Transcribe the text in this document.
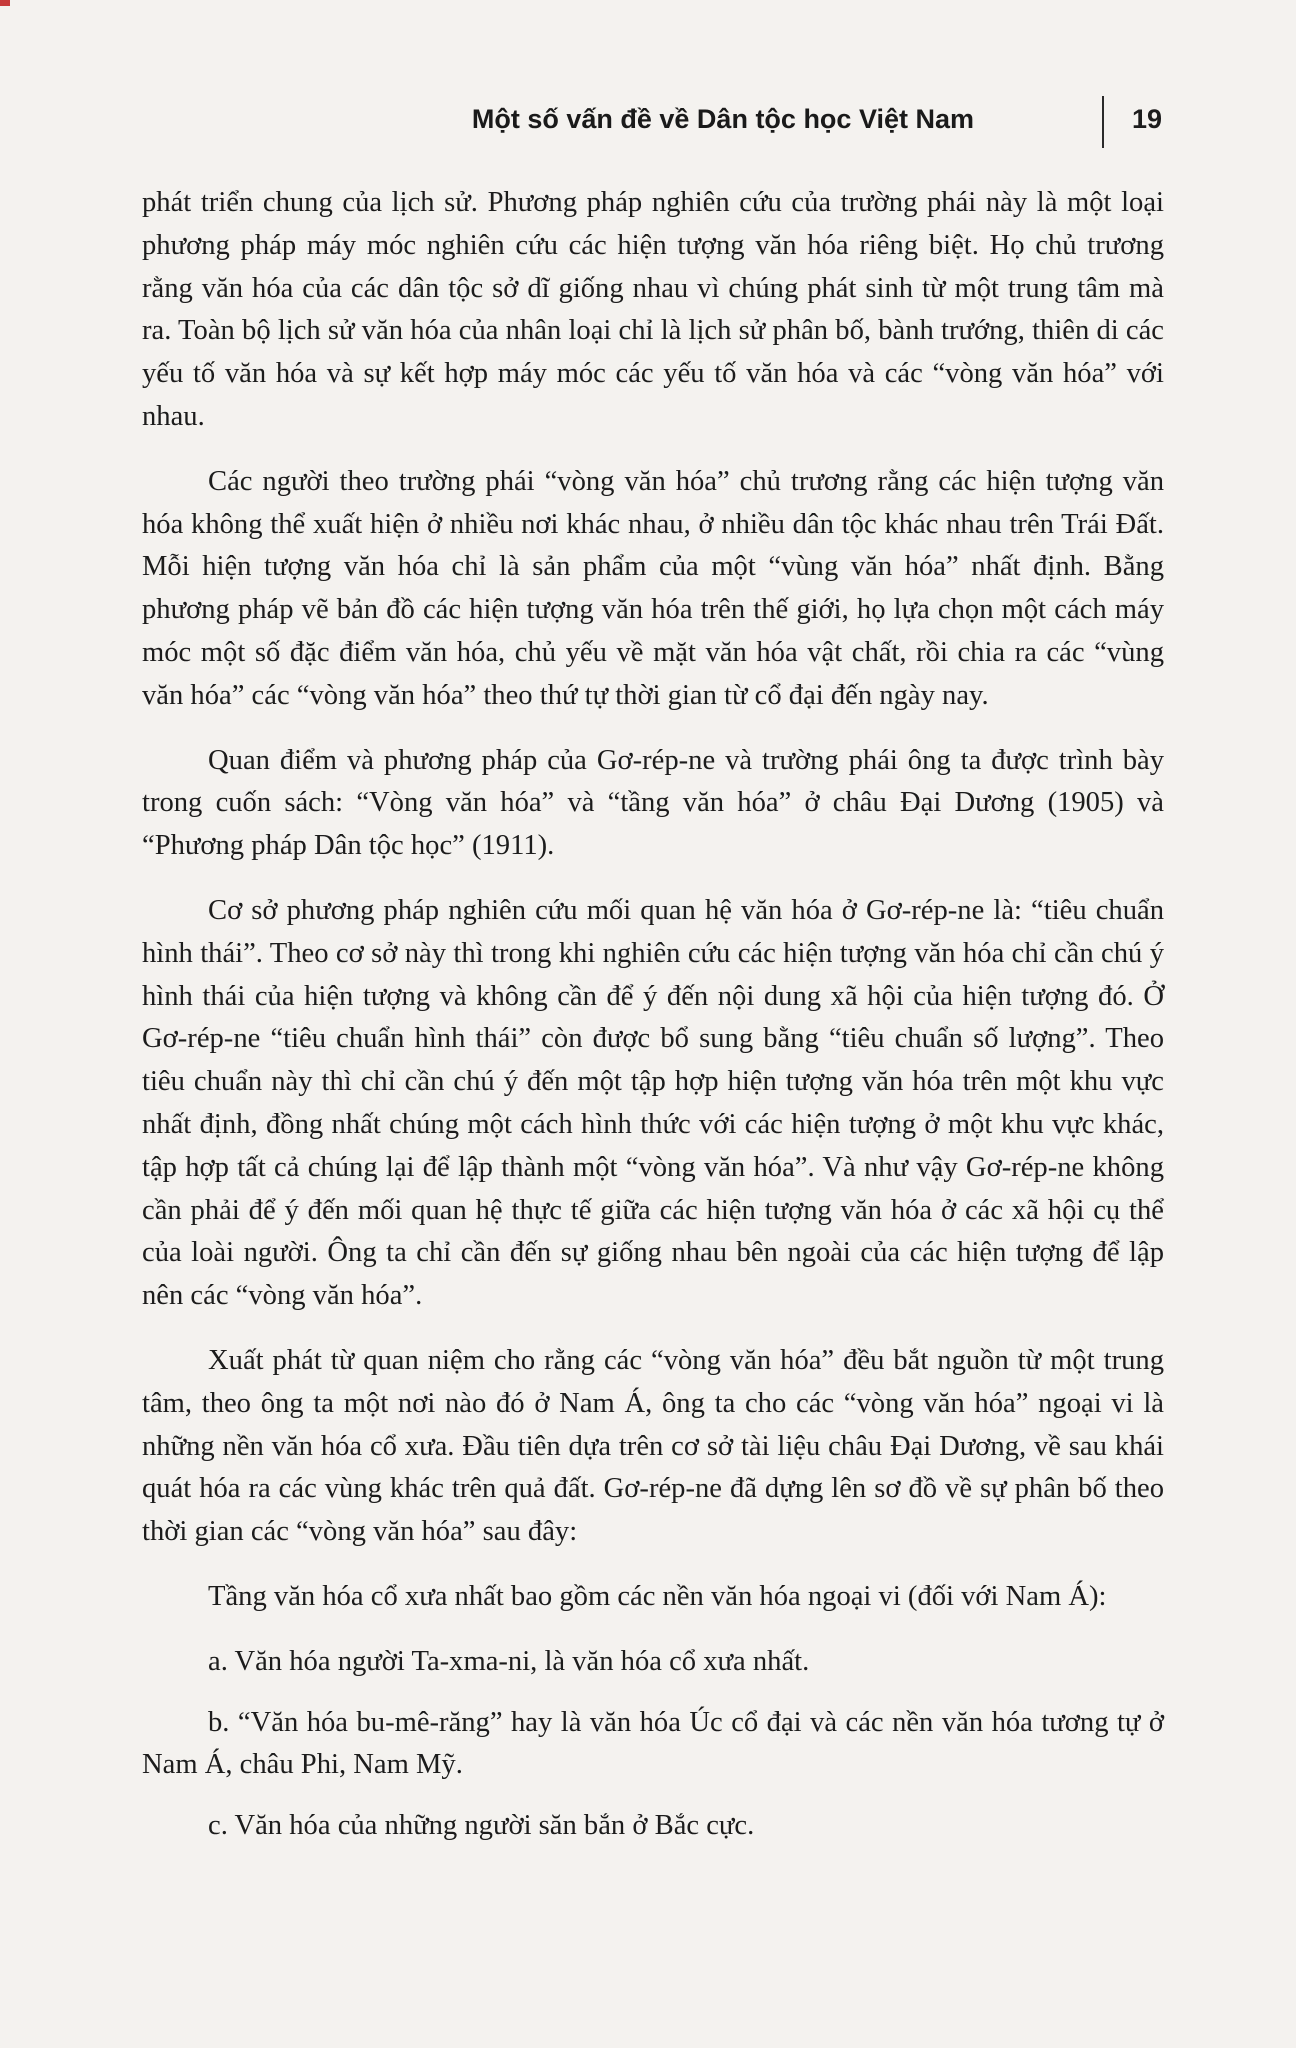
Một số vấn đề về Dân tộc học Việt Nam	19

phát triển chung của lịch sử. Phương pháp nghiên cứu của trường phái này là một loại phương pháp máy móc nghiên cứu các hiện tượng văn hóa riêng biệt. Họ chủ trương rằng văn hóa của các dân tộc sở dĩ giống nhau vì chúng phát sinh từ một trung tâm mà ra. Toàn bộ lịch sử văn hóa của nhân loại chỉ là lịch sử phân bố, bành trướng, thiên di các yếu tố văn hóa và sự kết hợp máy móc các yếu tố văn hóa và các “vòng văn hóa” với nhau.

Các người theo trường phái “vòng văn hóa” chủ trương rằng các hiện tượng văn hóa không thể xuất hiện ở nhiều nơi khác nhau, ở nhiều dân tộc khác nhau trên Trái Đất. Mỗi hiện tượng văn hóa chỉ là sản phẩm của một “vùng văn hóa” nhất định. Bằng phương pháp vẽ bản đồ các hiện tượng văn hóa trên thế giới, họ lựa chọn một cách máy móc một số đặc điểm văn hóa, chủ yếu về mặt văn hóa vật chất, rồi chia ra các “vùng văn hóa” các “vòng văn hóa” theo thứ tự thời gian từ cổ đại đến ngày nay.

Quan điểm và phương pháp của Gơ-rép-ne và trường phái ông ta được trình bày trong cuốn sách: “Vòng văn hóa” và “tầng văn hóa” ở châu Đại Dương (1905) và “Phương pháp Dân tộc học” (1911).

Cơ sở phương pháp nghiên cứu mối quan hệ văn hóa ở Gơ-rép-ne là: “tiêu chuẩn hình thái”. Theo cơ sở này thì trong khi nghiên cứu các hiện tượng văn hóa chỉ cần chú ý hình thái của hiện tượng và không cần để ý đến nội dung xã hội của hiện tượng đó. Ở Gơ-rép-ne “tiêu chuẩn hình thái” còn được bổ sung bằng “tiêu chuẩn số lượng”. Theo tiêu chuẩn này thì chỉ cần chú ý đến một tập hợp hiện tượng văn hóa trên một khu vực nhất định, đồng nhất chúng một cách hình thức với các hiện tượng ở một khu vực khác, tập hợp tất cả chúng lại để lập thành một “vòng văn hóa”. Và như vậy Gơ-rép-ne không cần phải để ý đến mối quan hệ thực tế giữa các hiện tượng văn hóa ở các xã hội cụ thể của loài người. Ông ta chỉ cần đến sự giống nhau bên ngoài của các hiện tượng để lập nên các “vòng văn hóa”.

Xuất phát từ quan niệm cho rằng các “vòng văn hóa” đều bắt nguồn từ một trung tâm, theo ông ta một nơi nào đó ở Nam Á, ông ta cho các “vòng văn hóa” ngoại vi là những nền văn hóa cổ xưa. Đầu tiên dựa trên cơ sở tài liệu châu Đại Dương, về sau khái quát hóa ra các vùng khác trên quả đất. Gơ-rép-ne đã dựng lên sơ đồ về sự phân bố theo thời gian các “vòng văn hóa” sau đây:

Tầng văn hóa cổ xưa nhất bao gồm các nền văn hóa ngoại vi (đối với Nam Á):

a. Văn hóa người Ta-xma-ni, là văn hóa cổ xưa nhất.

b. “Văn hóa bu-mê-răng” hay là văn hóa Úc cổ đại và các nền văn hóa tương tự ở Nam Á, châu Phi, Nam Mỹ.

c. Văn hóa của những người săn bắn ở Bắc cực.
